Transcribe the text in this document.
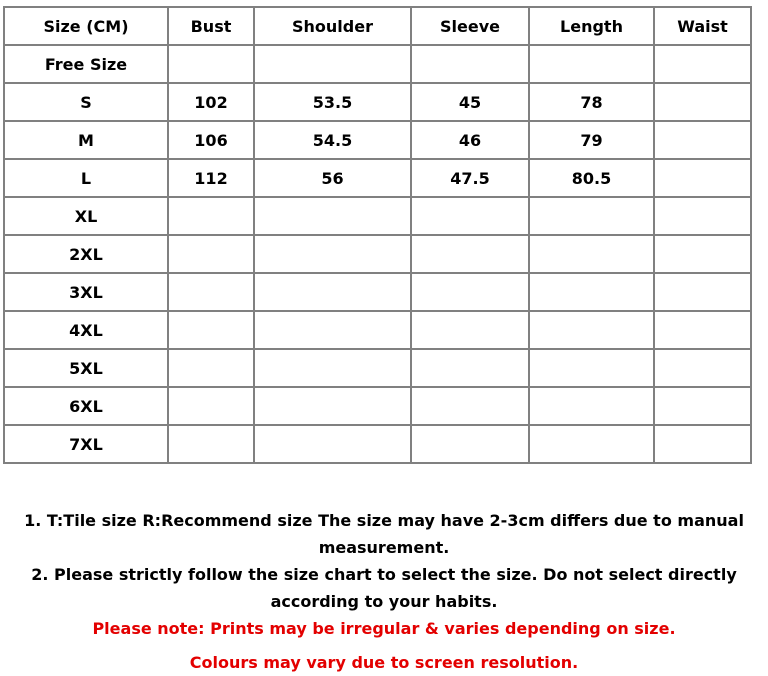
Size (CM)	Bust	Shoulder	Sleeve	Length	Waist
Free Size					
S	102	53.5	45	78	
M	106	54.5	46	79	
L	112	56	47.5	80.5	
XL					
2XL					
3XL					
4XL					
5XL					
6XL					
7XL					

1. T:Tile size R:Recommend size The size may have 2-3cm differs due to manual measurement.

2. Please strictly follow the size chart to select the size. Do not select directly according to your habits.

Please note: Prints may be irregular & varies depending on size.

Colours may vary due to screen resolution.
